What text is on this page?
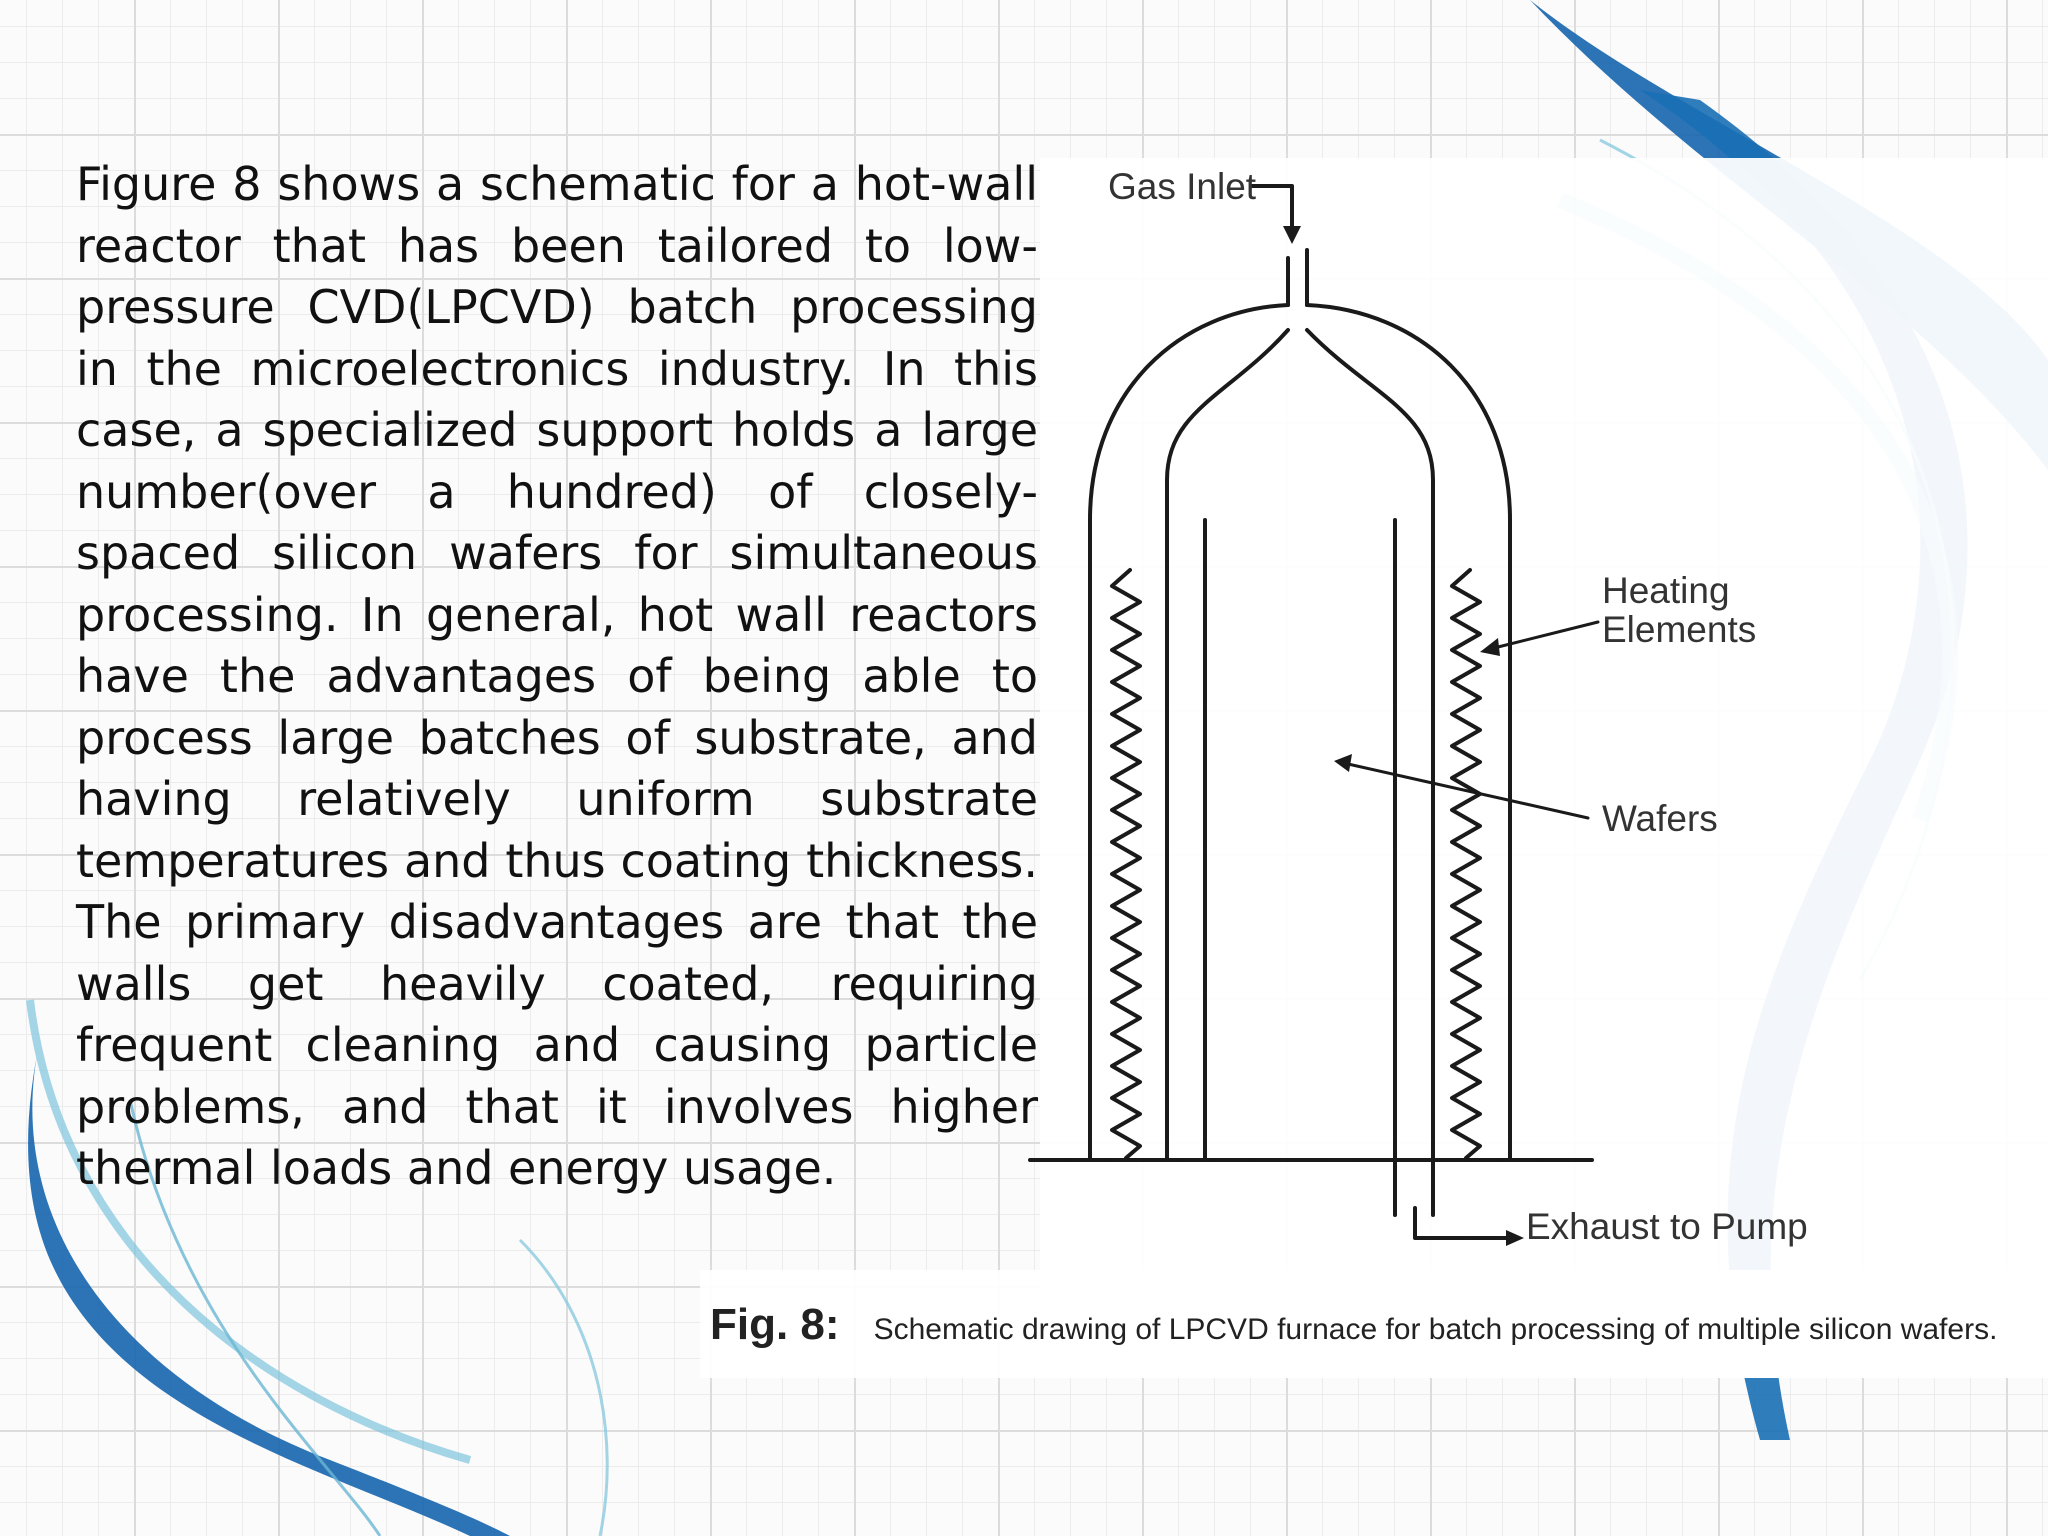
Figure 8 shows a schematic for a hot-wall reactor that has been tailored to low-pressure CVD(LPCVD) batch processing in the microelectronics industry. In this case, a specialized support holds a large number(over a hundred) of closely-spaced silicon wafers for simultaneous processing. In general, hot wall reactors have the advantages of being able to process large batches of substrate, and having relatively uniform substrate temperatures and thus coating thickness. The primary disadvantages are that the walls get heavily coated, requiring frequent cleaning and causing particle problems, and that it involves higher thermal loads and energy usage.

Gas Inlet
Heating
Elements
Wafers
Exhaust to Pump
Fig. 8: Schematic drawing of LPCVD furnace for batch processing of multiple silicon wafers.
